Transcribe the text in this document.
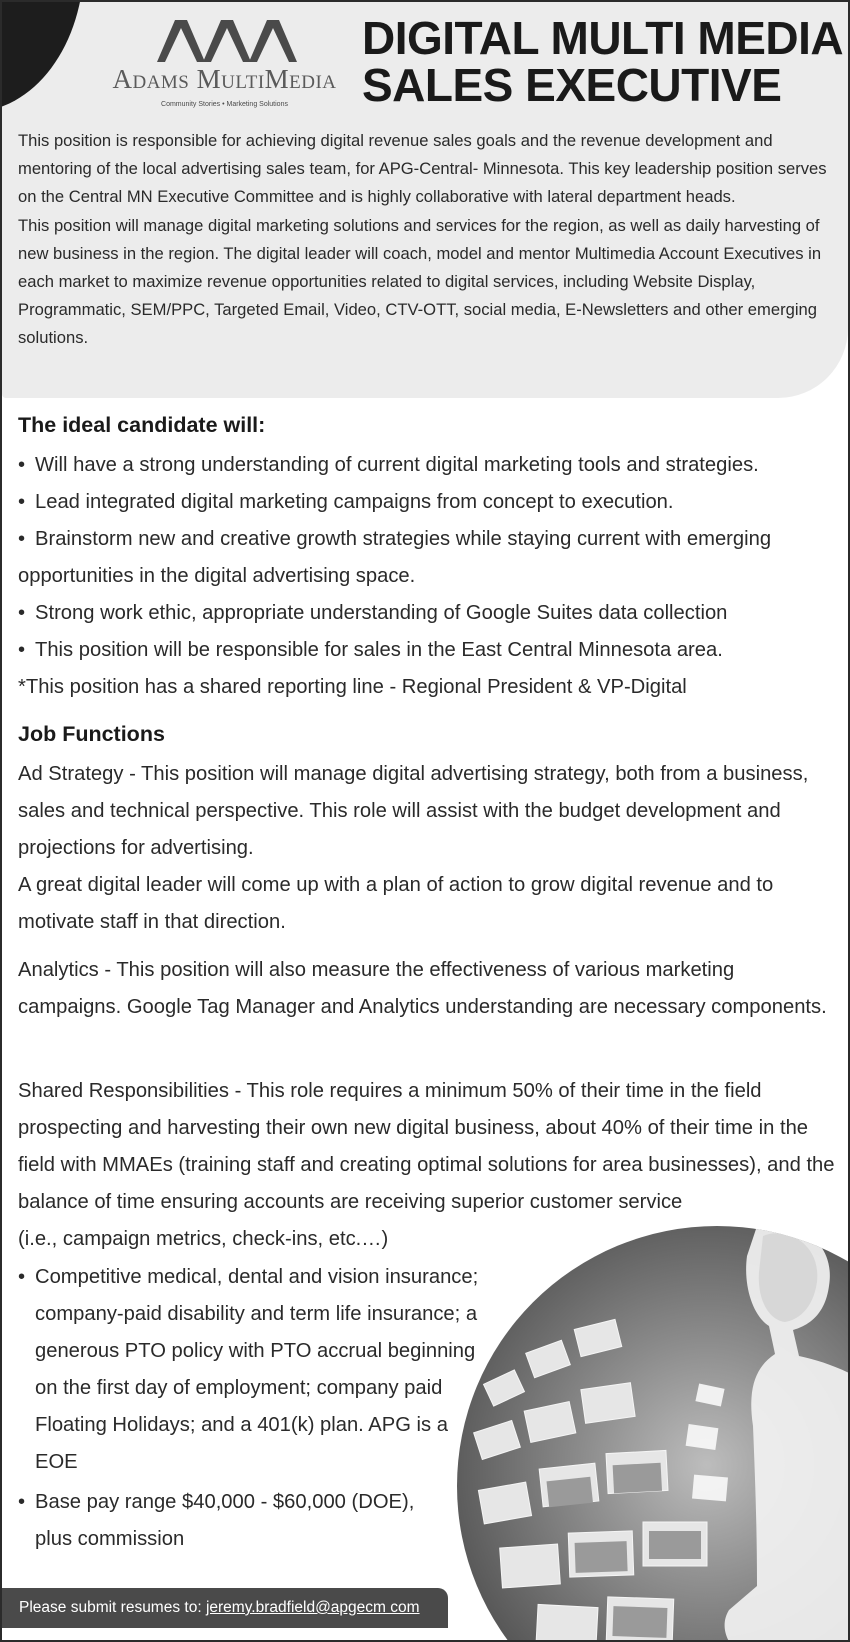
Adams MultiMedia
Community Stories • Marketing Solutions
DIGITAL MULTI MEDIA
SALES EXECUTIVE

This position is responsible for achieving digital revenue sales goals and the revenue development and mentoring of the local advertising sales team, for APG-Central- Minnesota. This key leadership position serves on the Central MN Executive Committee and is highly collaborative with lateral department heads.

This position will manage digital marketing solutions and services for the region, as well as daily harvesting of new business in the region. The digital leader will coach, model and mentor Multimedia Account Executives in each market to maximize revenue opportunities related to digital services, including Website Display, Programmatic, SEM/PPC, Targeted Email, Video, CTV-OTT, social media, E-Newsletters and other emerging solutions.

The ideal candidate will:
• Will have a strong understanding of current digital marketing tools and strategies.
• Lead integrated digital marketing campaigns from concept to execution.
• Brainstorm new and creative growth strategies while staying current with emerging
opportunities in the digital advertising space.
• Strong work ethic, appropriate understanding of Google Suites data collection
• This position will be responsible for sales in the East Central Minnesota area.
*This position has a shared reporting line - Regional President & VP-Digital
Job Functions

Ad Strategy - This position will manage digital advertising strategy, both from a business, sales and technical perspective. This role will assist with the budget development and projections for advertising.

A great digital leader will come up with a plan of action to grow digital revenue and to motivate staff in that direction.

Analytics - This position will also measure the effectiveness of various marketing campaigns. Google Tag Manager and Analytics understanding are necessary components.

Shared Responsibilities - This role requires a minimum 50% of their time in the field prospecting and harvesting their own new digital business, about 40% of their time in the field with MMAEs (training staff and creating optimal solutions for area businesses), and the balance of time ensuring accounts are receiving superior customer service

(i.e., campaign metrics, check-ins, etc.…)

• Competitive medical, dental and vision insurance; company-paid disability and term life insurance; a generous PTO policy with PTO accrual beginning on the first day of employment; company paid Floating Holidays; and a 401(k) plan. APG is a EOE
• Base pay range $40,000 - $60,000 (DOE), plus commission
Please submit resumes to: jeremy.bradfield@apgecm com
